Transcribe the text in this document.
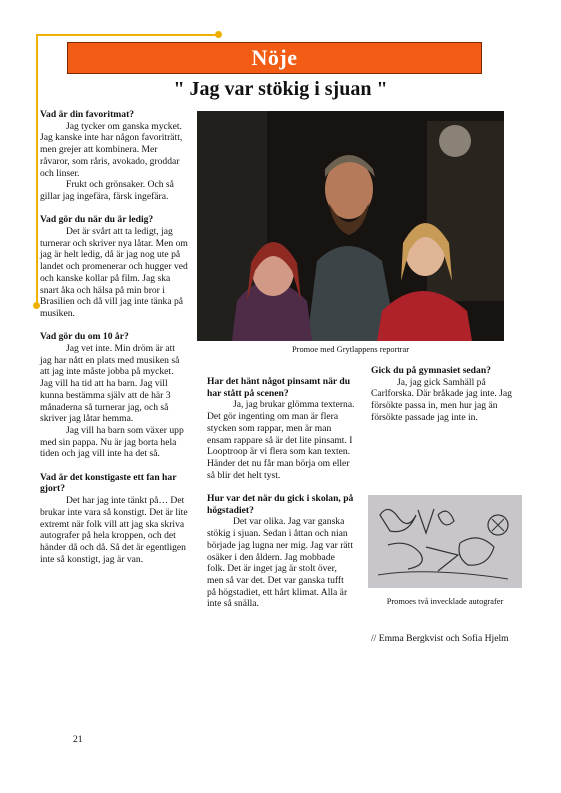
Nöje
" Jag var stökig i sjuan "

Vad är din favoritmat?

Jag tycker om ganska mycket. Jag kanske inte har någon favoriträtt, men grejer att kombinera. Mer råvaror, som råris, avokado, groddar och linser.

Frukt och grönsaker. Och så gillar jag ingefära, färsk ingefära.

Vad gör du när du är ledig?

Det är svårt att ta ledigt, jag turnerar och skriver nya låtar. Men om jag är helt ledig, då är jag nog ute på landet och promenerar och hugger ved och kanske kollar på film. Jag ska snart åka och hälsa på min bror i Brasilien och då vill jag inte tänka på musiken.

Vad gör du om 10 år?

Jag vet inte. Min dröm är att jag har nått en plats med musiken så att jag inte måste jobba på mycket. Jag vill ha tid att ha barn. Jag vill kunna bestämma själv att de här 3 månaderna så turnerar jag, och så skriver jag låtar hemma.

Jag vill ha barn som växer upp med sin pappa. Nu är jag borta hela tiden och jag vill inte ha det så.

Vad är det konstigaste ett fan har gjort?

Det har jag inte tänkt på… Det brukar inte vara så konstigt. Det är lite extremt när folk vill att jag ska skriva autografer på hela kroppen, och det händer då och då. Så det är egentligen inte så konstigt, jag är van.

Har det hänt något pinsamt när du har stått på scenen?

Ja, jag brukar glömma texterna. Det gör ingenting om man är flera stycken som rappar, men är man ensam rappare så är det lite pinsamt. I Looptroop är vi flera som kan texten. Händer det nu får man börja om eller så blir det helt tyst.

Hur var det när du gick i skolan, på högstadiet?

Det var olika. Jag var ganska stökig i sjuan. Sedan i åttan och nian började jag lugna ner mig. Jag var rätt osäker i den åldern. Jag mobbade folk. Det är inget jag är stolt över, men så var det. Det var ganska tufft på högstadiet, ett hårt klimat. Alla är inte så snälla.

Gick du på gymnasiet sedan?

Ja, jag gick Samhäll på Carlforska. Där bråkade jag inte. Jag försökte passa in, men hur jag än försökte passade jag inte in.

Promoe med Grytlappens reportrar
Promoes två invecklade autografer
// Emma Bergkvist och Sofia Hjelm
21
